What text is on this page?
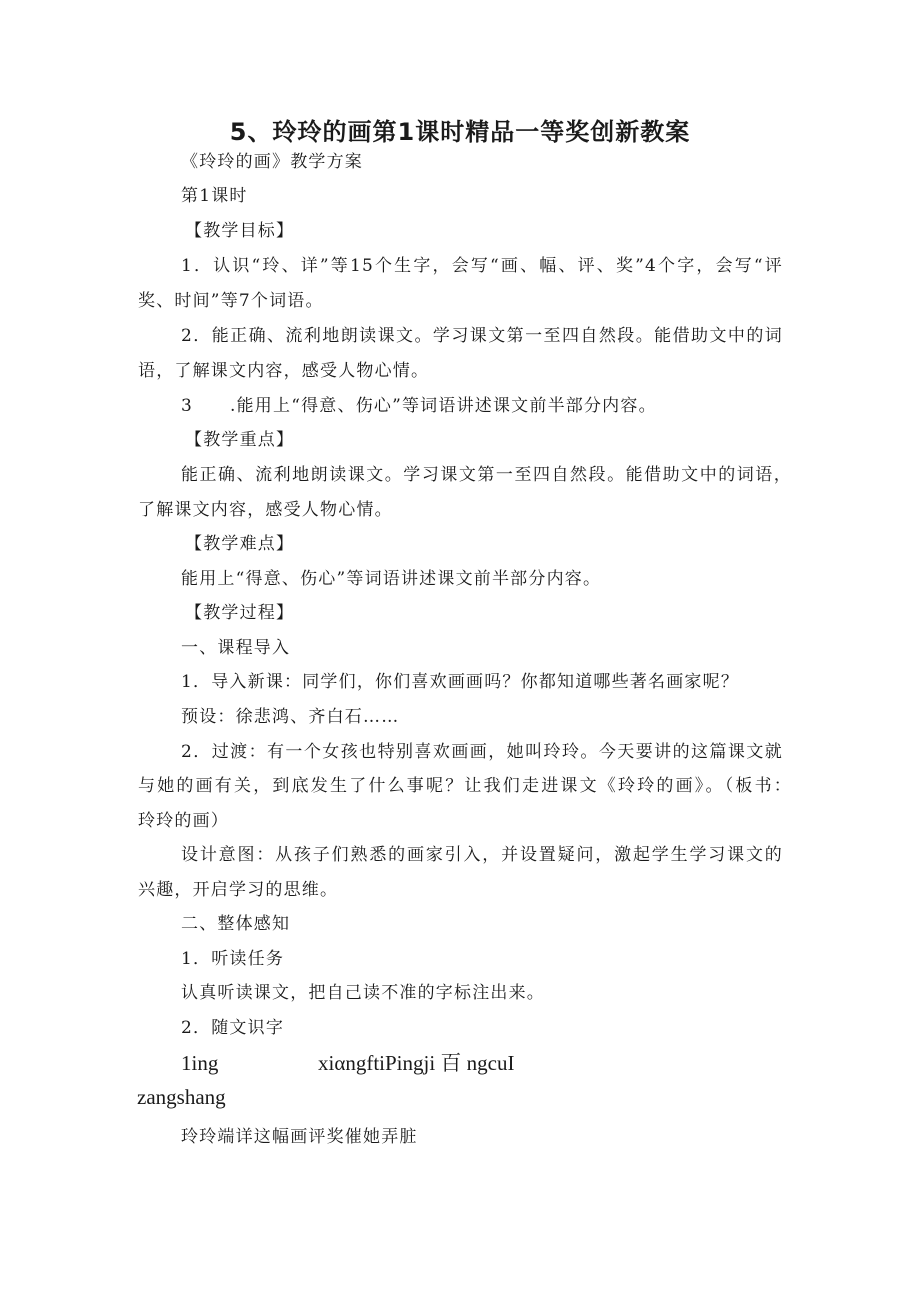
5、玲玲的画第1课时精品一等奖创新教案
《玲玲的画》教学方案
第1课时
【教学目标】
1．认识“玲、详”等15个生字，会写“画、幅、评、奖”4个字，会写“评
奖、时间”等7个词语。
2．能正确、流利地朗读课文。学习课文第一至四自然段。能借助文中的词
语，了解课文内容，感受人物心情。
3 .能用上“得意、伤心”等词语讲述课文前半部分内容。
【教学重点】
能正确、流利地朗读课文。学习课文第一至四自然段。能借助文中的词语，
了解课文内容，感受人物心情。
【教学难点】
能用上“得意、伤心”等词语讲述课文前半部分内容。
【教学过程】
一、课程导入
1．导入新课：同学们，你们喜欢画画吗？你都知道哪些著名画家呢？
预设：徐悲鸿、齐白石……
2．过渡：有一个女孩也特别喜欢画画，她叫玲玲。今天要讲的这篇课文就
与她的画有关，到底发生了什么事呢？让我们走进课文《玲玲的画》。（板书：
玲玲的画）
设计意图：从孩子们熟悉的画家引入，并设置疑问，激起学生学习课文的
兴趣，开启学习的思维。
二、整体感知
1．听读任务
认真听读课文，把自己读不准的字标注出来。
2．随文识字
1ing	xiαngftiPingji 百 ngcuI
zangshang
玲玲端详这幅画评奖催她弄脏
